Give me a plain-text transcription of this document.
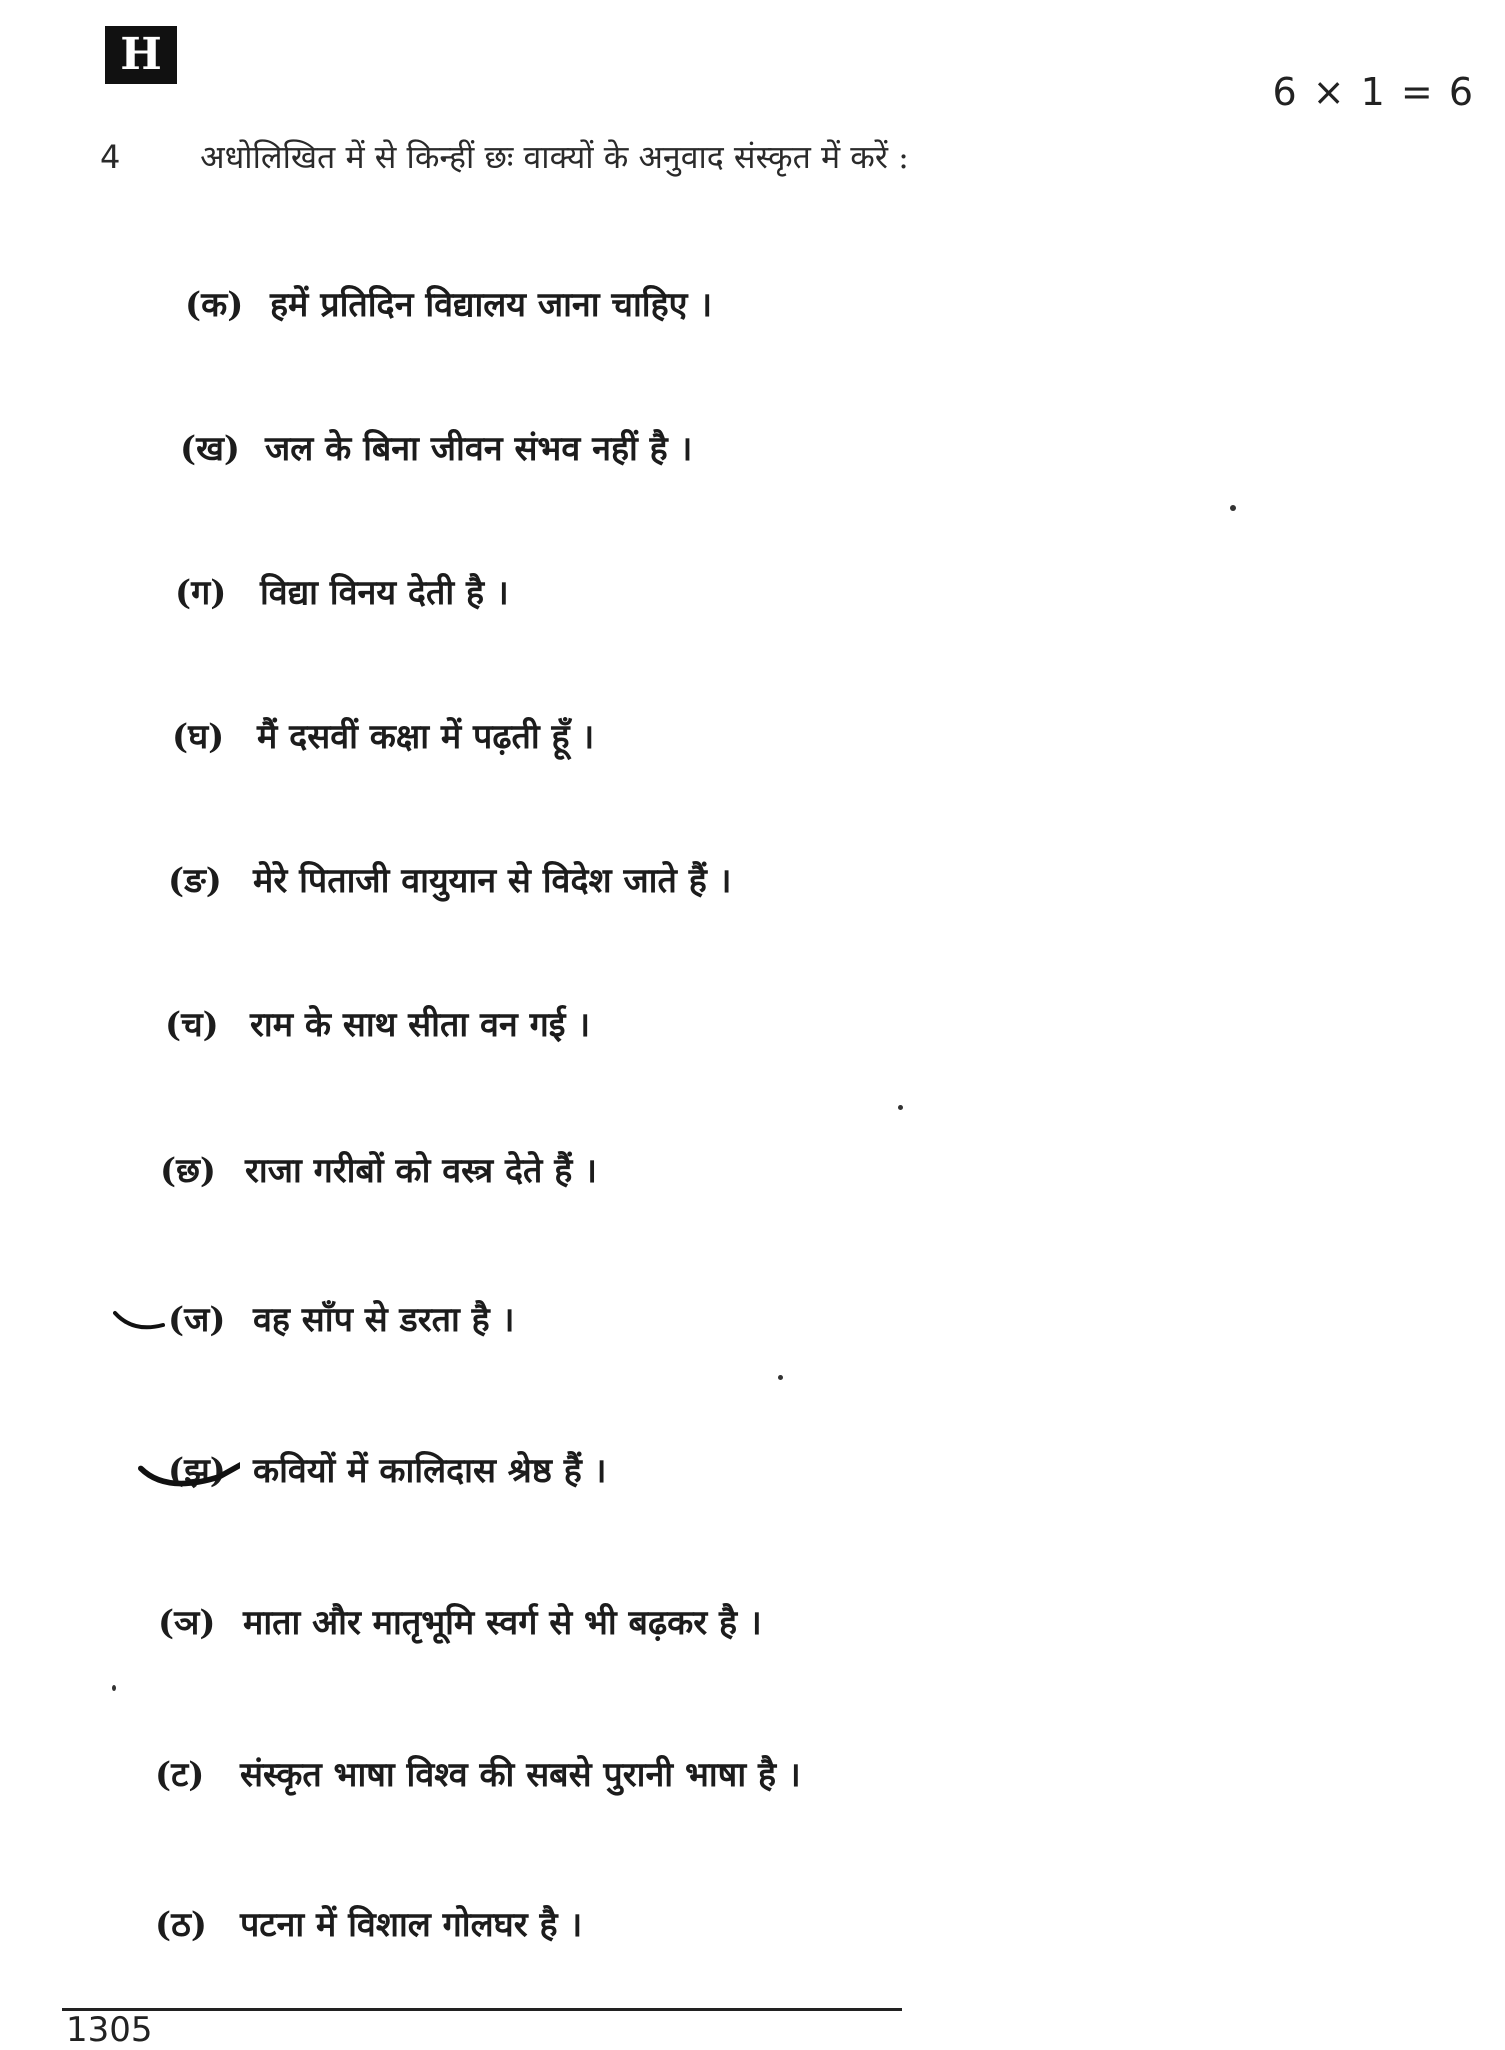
H
6 × 1 = 6
4 अधोलिखित में से किन्हीं छः वाक्यों के अनुवाद संस्कृत में करें :
(क) हमें प्रतिदिन विद्यालय जाना चाहिए ।
(ख) जल के बिना जीवन संभव नहीं है ।
(ग) विद्या विनय देती है ।
(घ) मैं दसवीं कक्षा में पढ़ती हूँ ।
(ङ) मेरे पिताजी वायुयान से विदेश जाते हैं ।
(च) राम के साथ सीता वन गई ।
(छ) राजा गरीबों को वस्त्र देते हैं ।
(ज) वह साँप से डरता है ।
(झ) कवियों में कालिदास श्रेष्ठ हैं ।
(ञ) माता और मातृभूमि स्वर्ग से भी बढ़कर है ।
(ट) संस्कृत भाषा विश्व की सबसे पुरानी भाषा है ।
(ठ) पटना में विशाल गोलघर है ।
1305
